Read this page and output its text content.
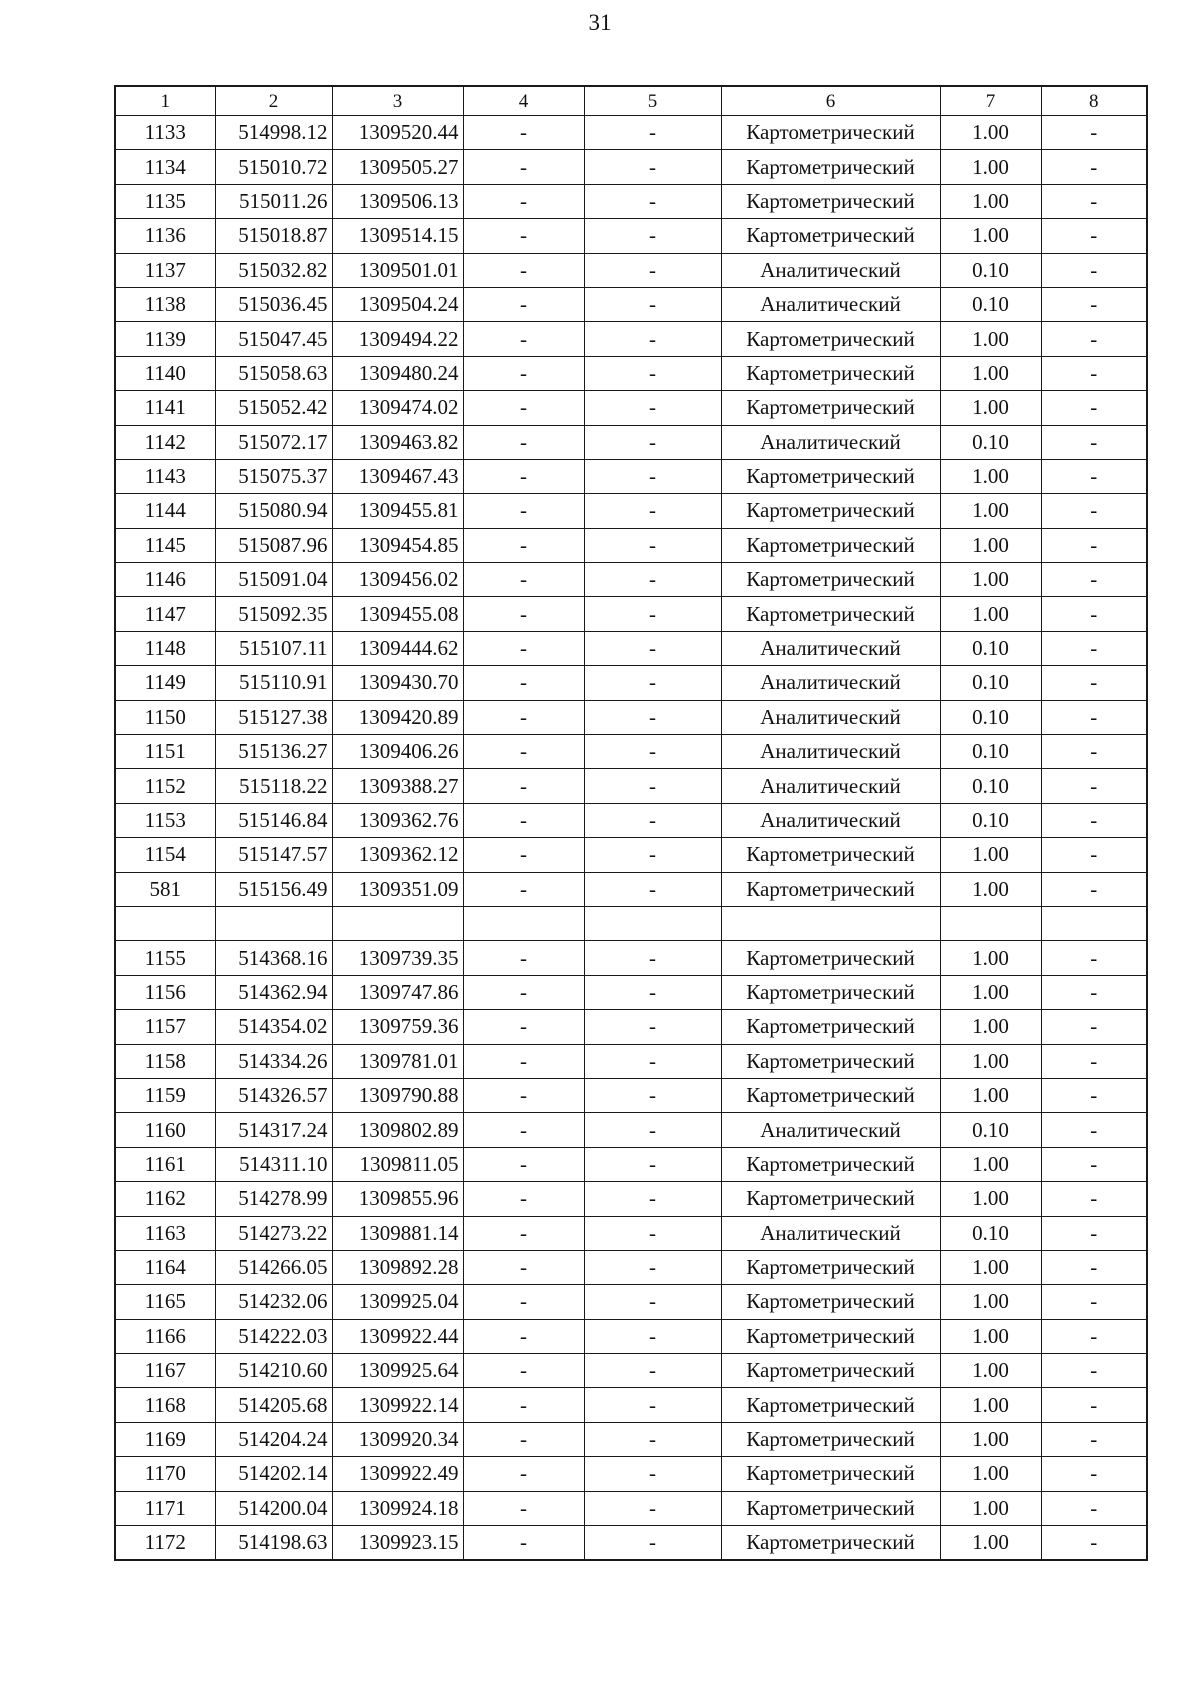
31
1	2	3	4	5	6	7	8
1133	514998.12	1309520.44	-	-	Картометрический	1.00	-
1134	515010.72	1309505.27	-	-	Картометрический	1.00	-
1135	515011.26	1309506.13	-	-	Картометрический	1.00	-
1136	515018.87	1309514.15	-	-	Картометрический	1.00	-
1137	515032.82	1309501.01	-	-	Аналитический	0.10	-
1138	515036.45	1309504.24	-	-	Аналитический	0.10	-
1139	515047.45	1309494.22	-	-	Картометрический	1.00	-
1140	515058.63	1309480.24	-	-	Картометрический	1.00	-
1141	515052.42	1309474.02	-	-	Картометрический	1.00	-
1142	515072.17	1309463.82	-	-	Аналитический	0.10	-
1143	515075.37	1309467.43	-	-	Картометрический	1.00	-
1144	515080.94	1309455.81	-	-	Картометрический	1.00	-
1145	515087.96	1309454.85	-	-	Картометрический	1.00	-
1146	515091.04	1309456.02	-	-	Картометрический	1.00	-
1147	515092.35	1309455.08	-	-	Картометрический	1.00	-
1148	515107.11	1309444.62	-	-	Аналитический	0.10	-
1149	515110.91	1309430.70	-	-	Аналитический	0.10	-
1150	515127.38	1309420.89	-	-	Аналитический	0.10	-
1151	515136.27	1309406.26	-	-	Аналитический	0.10	-
1152	515118.22	1309388.27	-	-	Аналитический	0.10	-
1153	515146.84	1309362.76	-	-	Аналитический	0.10	-
1154	515147.57	1309362.12	-	-	Картометрический	1.00	-
581	515156.49	1309351.09	-	-	Картометрический	1.00	-

1155	514368.16	1309739.35	-	-	Картометрический	1.00	-
1156	514362.94	1309747.86	-	-	Картометрический	1.00	-
1157	514354.02	1309759.36	-	-	Картометрический	1.00	-
1158	514334.26	1309781.01	-	-	Картометрический	1.00	-
1159	514326.57	1309790.88	-	-	Картометрический	1.00	-
1160	514317.24	1309802.89	-	-	Аналитический	0.10	-
1161	514311.10	1309811.05	-	-	Картометрический	1.00	-
1162	514278.99	1309855.96	-	-	Картометрический	1.00	-
1163	514273.22	1309881.14	-	-	Аналитический	0.10	-
1164	514266.05	1309892.28	-	-	Картометрический	1.00	-
1165	514232.06	1309925.04	-	-	Картометрический	1.00	-
1166	514222.03	1309922.44	-	-	Картометрический	1.00	-
1167	514210.60	1309925.64	-	-	Картометрический	1.00	-
1168	514205.68	1309922.14	-	-	Картометрический	1.00	-
1169	514204.24	1309920.34	-	-	Картометрический	1.00	-
1170	514202.14	1309922.49	-	-	Картометрический	1.00	-
1171	514200.04	1309924.18	-	-	Картометрический	1.00	-
1172	514198.63	1309923.15	-	-	Картометрический	1.00	-
